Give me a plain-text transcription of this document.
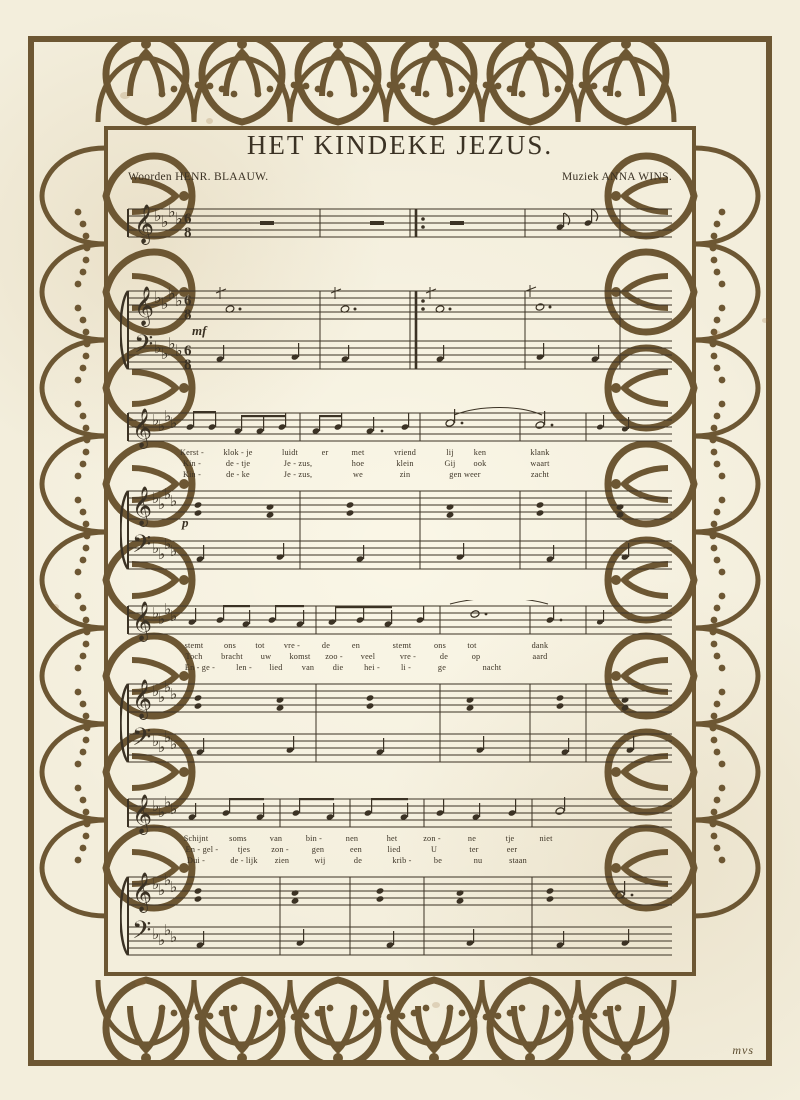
HET KINDEKE JEZUS.
Woorden HENR. BLAAUW.	Muziek ANNA WINS.
𝄞
𝄞
𝄢
♭ ♭
♭ ♭
♭ ♭
♭ ♭
♭ ♭
♭ ♭
6
8
6
8
6
8
mf
𝄞
𝄞
𝄢
♭
♭
♭
♭
♭
♭
♭
♭
♭
♭
♭
♭
p
Kerst - klok - je	luidt	er	met	vriend	lij ken	klank
Kin -	de - tje	Je - zus,	hoe	klein	Gij ook	waart
Kin -	de - ke	Je - zus,	we	zin	gen weer	zacht
𝄞
𝄞
𝄢
♭
♭
♭
♭
♭
♭
♭
♭
♭
♭
♭
♭
stemt	ons tot vre -	de	en	stemt	ons	tot	dank
Toch bracht uw komst zoo - veel	vre -	de	op	aard
En - ge -	len - lied van die	hei -	li -	ge	nacht
𝄞
𝄞
𝄢
♭
♭
♭
♭
♭
♭
♭
♭
♭
♭
♭
♭
Schijnt	soms	van	bin -	nen	het	zon -	ne	tje	niet
En - gel - tjes	zon -	gen	een	lied	U	ter	eer
Dui -	de - lijk zien	wij	de	krib -	be	nu	staan
mvs
